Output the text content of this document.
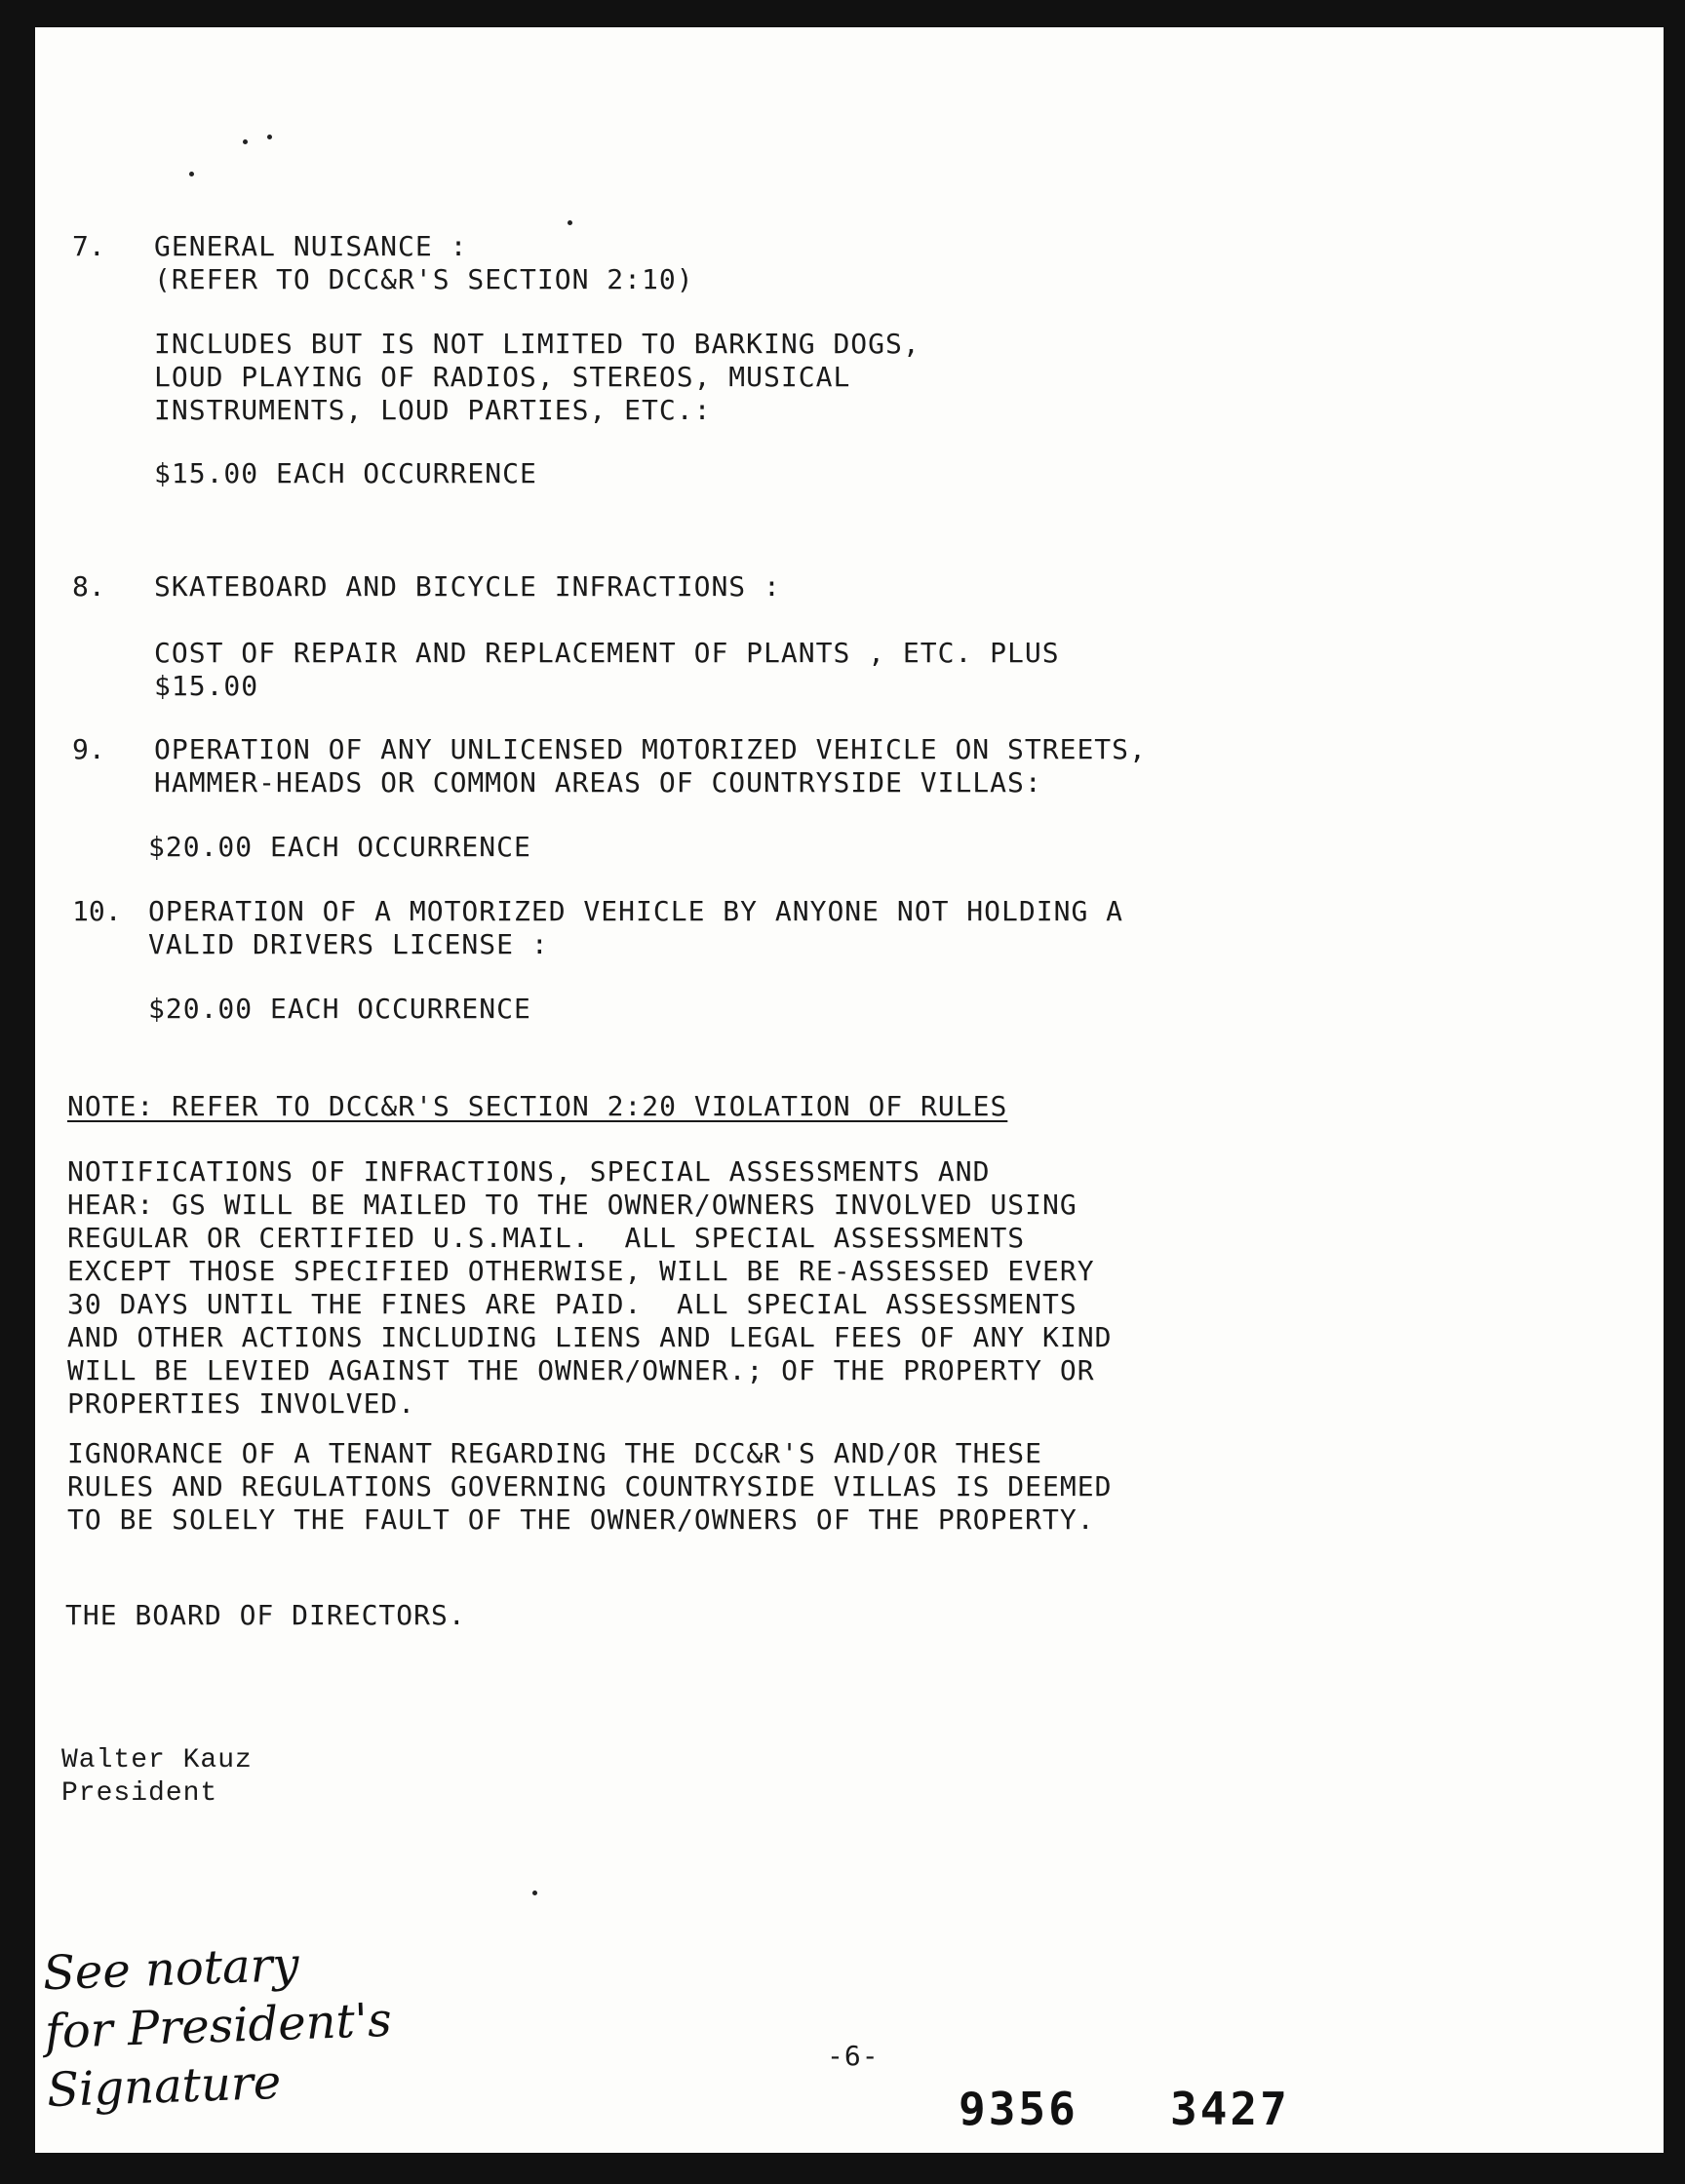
7. GENERAL NUISANCE :

(REFER TO DCC&R'S SECTION 2:10)

INCLUDES BUT IS NOT LIMITED TO BARKING DOGS,
LOUD PLAYING OF RADIOS, STEREOS, MUSICAL
INSTRUMENTS, LOUD PARTIES, ETC.:

$15.00 EACH OCCURRENCE

8. SKATEBOARD AND BICYCLE INFRACTIONS :

COST OF REPAIR AND REPLACEMENT OF PLANTS , ETC. PLUS
$15.00

9. OPERATION OF ANY UNLICENSED MOTORIZED VEHICLE ON STREETS,
HAMMER-HEADS OR COMMON AREAS OF COUNTRYSIDE VILLAS:

$20.00 EACH OCCURRENCE

10. OPERATION OF A MOTORIZED VEHICLE BY ANYONE NOT HOLDING A
VALID DRIVERS LICENSE :

$20.00 EACH OCCURRENCE

NOTE: REFER TO DCC&R'S SECTION 2:20 VIOLATION OF RULES

NOTIFICATIONS OF INFRACTIONS, SPECIAL ASSESSMENTS AND
HEAR: GS WILL BE MAILED TO THE OWNER/OWNERS INVOLVED USING
REGULAR OR CERTIFIED U.S.MAIL.  ALL SPECIAL ASSESSMENTS
EXCEPT THOSE SPECIFIED OTHERWISE, WILL BE RE-ASSESSED EVERY
30 DAYS UNTIL THE FINES ARE PAID.  ALL SPECIAL ASSESSMENTS
AND OTHER ACTIONS INCLUDING LIENS AND LEGAL FEES OF ANY KIND
WILL BE LEVIED AGAINST THE OWNER/OWNER.; OF THE PROPERTY OR
PROPERTIES INVOLVED.

IGNORANCE OF A TENANT REGARDING THE DCC&R'S AND/OR THESE
RULES AND REGULATIONS GOVERNING COUNTRYSIDE VILLAS IS DEEMED
TO BE SOLELY THE FAULT OF THE OWNER/OWNERS OF THE PROPERTY.

THE BOARD OF DIRECTORS.

Walter Kauz

President

See notary
for President's
Signature	-6-

9356 3427
